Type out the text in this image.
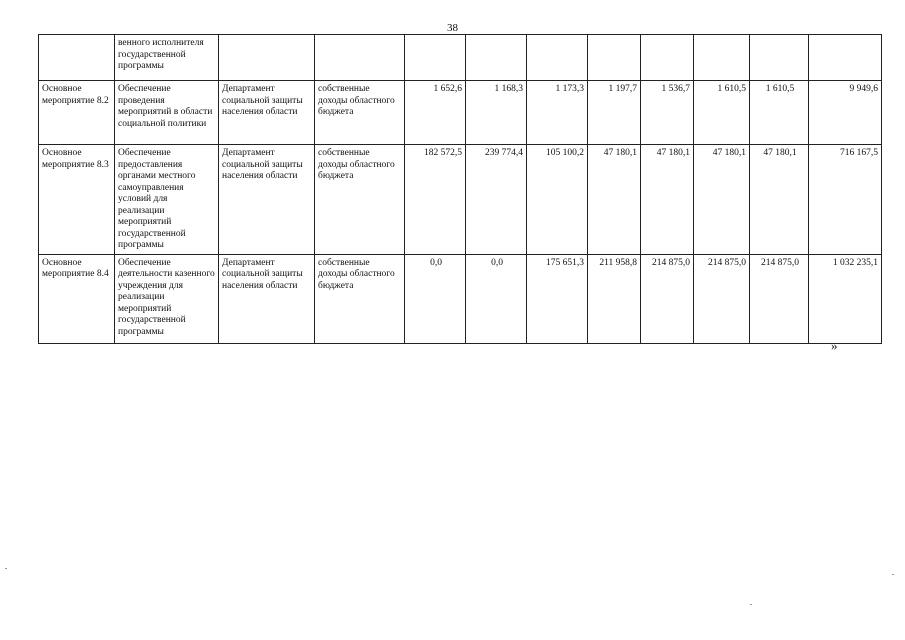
38
	венного исполнителя государственной программы										
Основное мероприятие 8.2	Обеспечение проведения мероприятий в области социальной политики	Департамент социальной защиты населения области	собственные доходы областного бюджета	1 652,6	1 168,3	1 173,3	1 197,7	1 536,7	1 610,5	1 610,5	9 949,6
Основное мероприятие 8.3	Обеспечение предоставления органами местного самоуправления условий для реализации мероприятий государственной программы	Департамент социальной защиты населения области	собственные доходы областного бюджета	182 572,5	239 774,4	105 100,2	47 180,1	47 180,1	47 180,1	47 180,1	716 167,5
Основное мероприятие 8.4	Обеспечение деятельности казенного учреждения для реализации мероприятий государственной программы	Департамент социальной защиты населения области	собственные доходы областного бюджета	0,0	0,0	175 651,3	211 958,8	214 875,0	214 875,0	214 875,0	1 032 235,1
»
